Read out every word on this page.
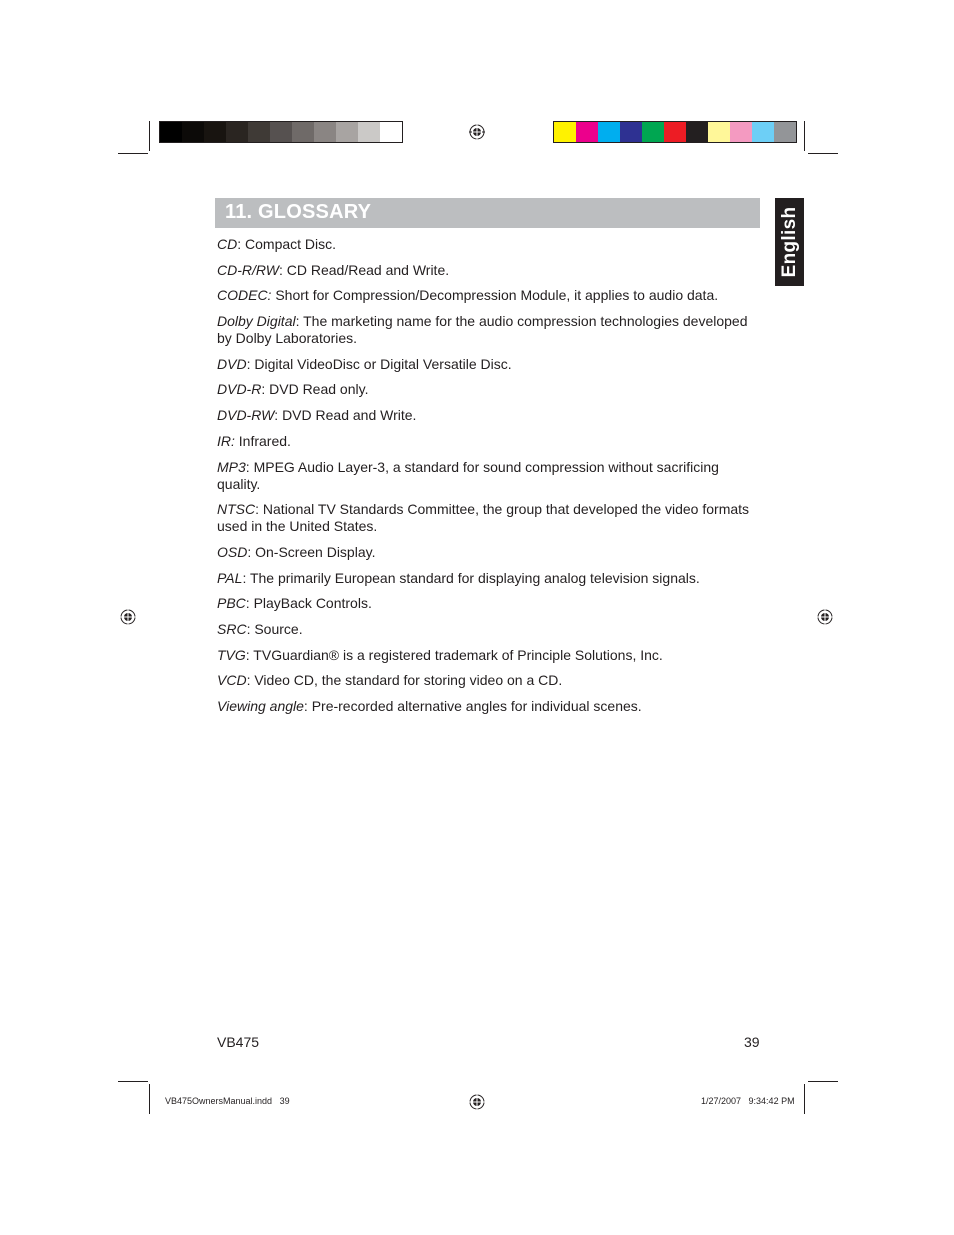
11. GLOSSARY	English

CD: Compact Disc.

CD-R/RW: CD Read/Read and Write.

CODEC: Short for Compression/Decompression Module, it applies to audio data.

Dolby Digital: The marketing name for the audio compression technologies developed by Dolby Laboratories.

DVD: Digital VideoDisc or Digital Versatile Disc.

DVD-R: DVD Read only.

DVD-RW: DVD Read and Write.

IR: Infrared.

MP3: MPEG Audio Layer-3, a standard for sound compression without sacrificing quality.

NTSC: National TV Standards Committee, the group that developed the video formats used in the United States.

OSD: On-Screen Display.

PAL: The primarily European standard for displaying analog television signals.

PBC: PlayBack Controls.

SRC: Source.

TVG: TVGuardian® is a registered trademark of Principle Solutions, Inc.

VCD: Video CD, the standard for storing video on a CD.

Viewing angle: Pre-recorded alternative angles for individual scenes.

VB475	39
VB475OwnersManual.indd   39	1/27/2007   9:34:42 PM
